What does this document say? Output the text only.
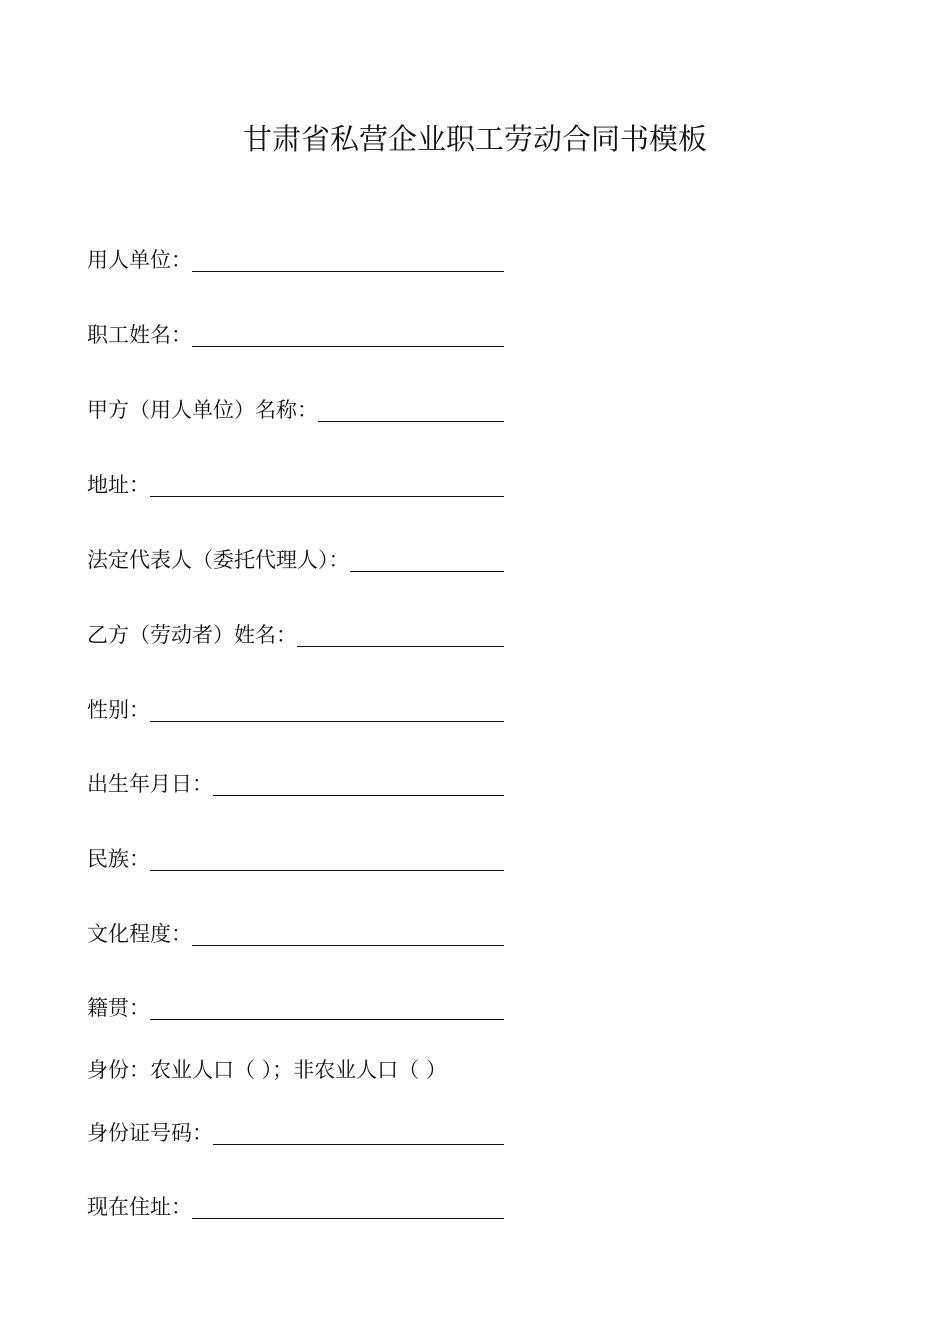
甘肃省私营企业职工劳动合同书模板
用人单位：
职工姓名：
甲方（用人单位）名称：
地址：
法定代表人（委托代理人）：
乙方（劳动者）姓名：
性别：
出生年月日：
民族：
文化程度：
籍贯：
身份：农业人口（ ）；非农业人口（ ）
身份证号码：
现在住址：
